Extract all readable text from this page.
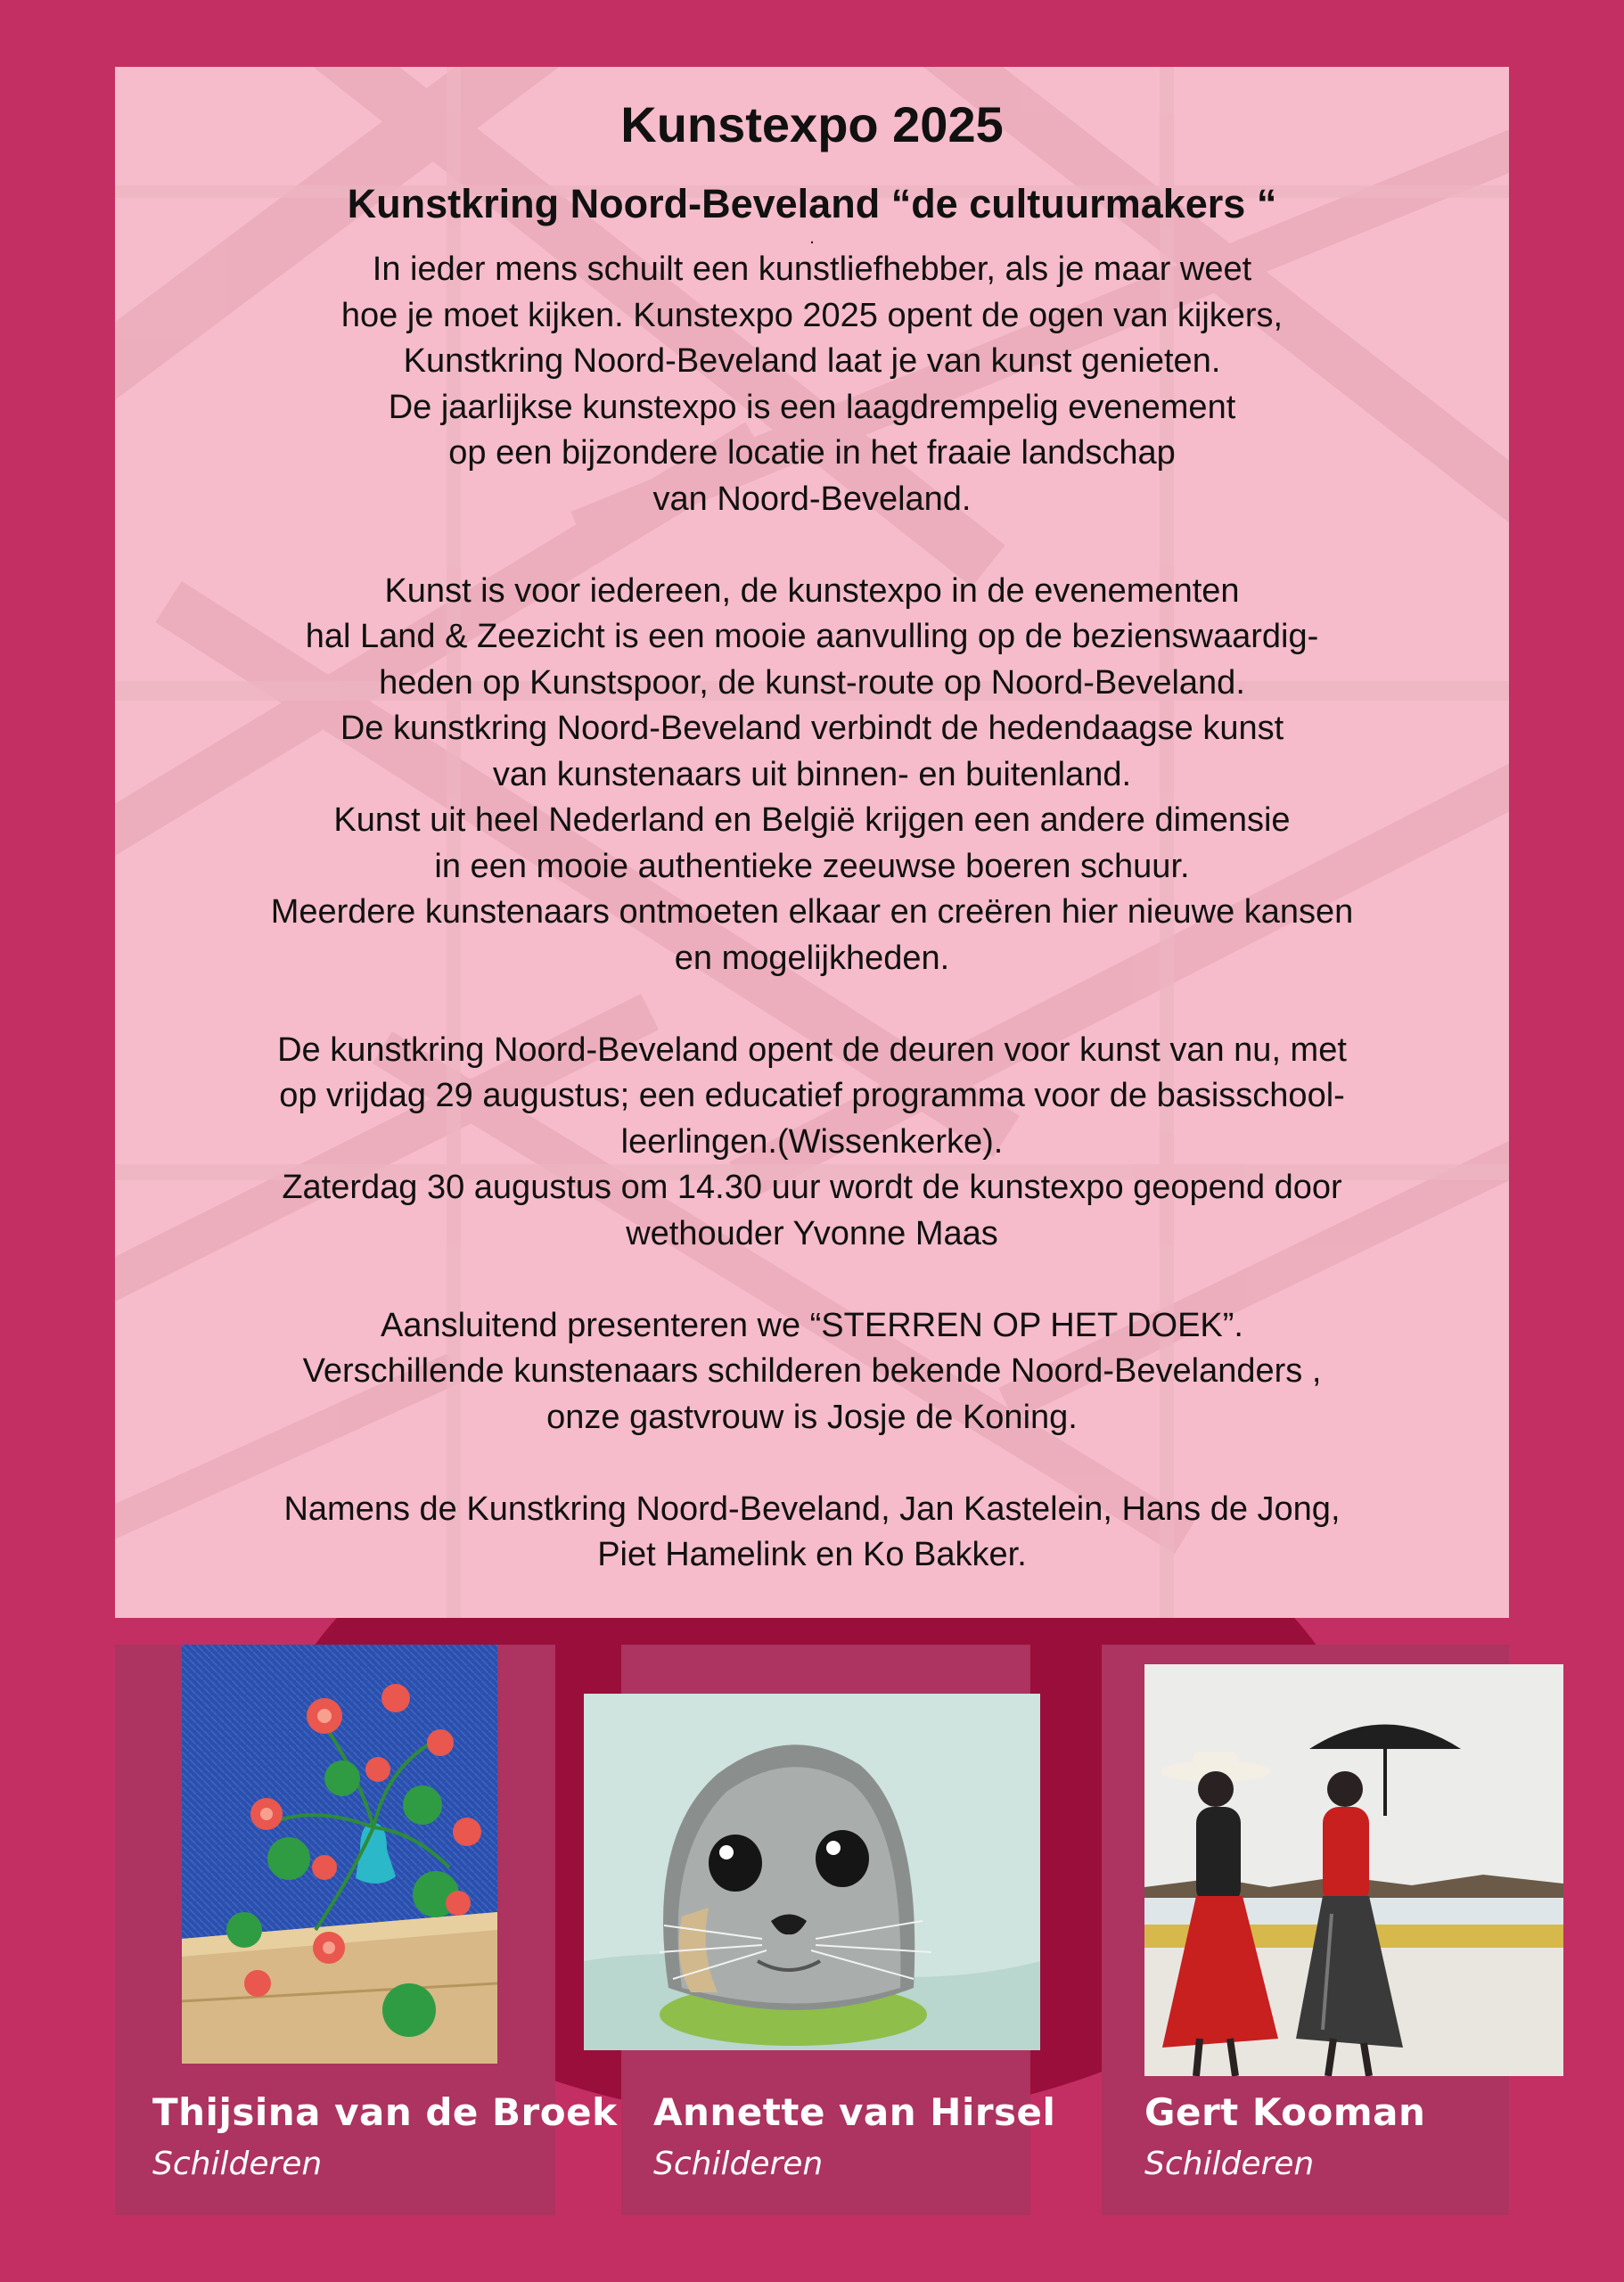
Kunstexpo 2025
Kunstkring Noord-Beveland “de cultuurmakers “
.

In ieder mens schuilt een kunstliefhebber, als je maar weet

hoe je moet kijken. Kunstexpo 2025 opent de ogen van kijkers,

Kunstkring Noord-Beveland laat je van kunst genieten.

De jaarlijkse kunstexpo is een laagdrempelig evenement

op een bijzondere locatie in het fraaie landschap

van Noord-Beveland.

Kunst is voor iedereen, de kunstexpo in de evenementen

hal Land & Zeezicht is een mooie aanvulling op de bezienswaardig-

heden op Kunstspoor, de kunst-route op Noord-Beveland.

De kunstkring Noord-Beveland verbindt de hedendaagse kunst

van kunstenaars uit binnen- en buitenland.

Kunst uit heel Nederland en België krijgen een andere dimensie

in een mooie authentieke zeeuwse boeren schuur.

Meerdere kunstenaars ontmoeten elkaar en creëren hier nieuwe kansen

en mogelijkheden.

De kunstkring Noord-Beveland opent de deuren voor kunst van nu, met

op vrijdag 29 augustus; een educatief programma voor de basisschool-

leerlingen.(Wissenkerke).

Zaterdag 30 augustus om 14.30 uur wordt de kunstexpo geopend door

wethouder Yvonne Maas

Aansluitend presenteren we “STERREN OP HET DOEK”.

Verschillende kunstenaars schilderen bekende Noord-Bevelanders ,

onze gastvrouw is Josje de Koning.

Namens de Kunstkring Noord-Beveland, Jan Kastelein, Hans de Jong,

Piet Hamelink en Ko Bakker.

Thijsina van de Broek
Schilderen
Annette van Hirsel
Schilderen
Gert Kooman
Schilderen
